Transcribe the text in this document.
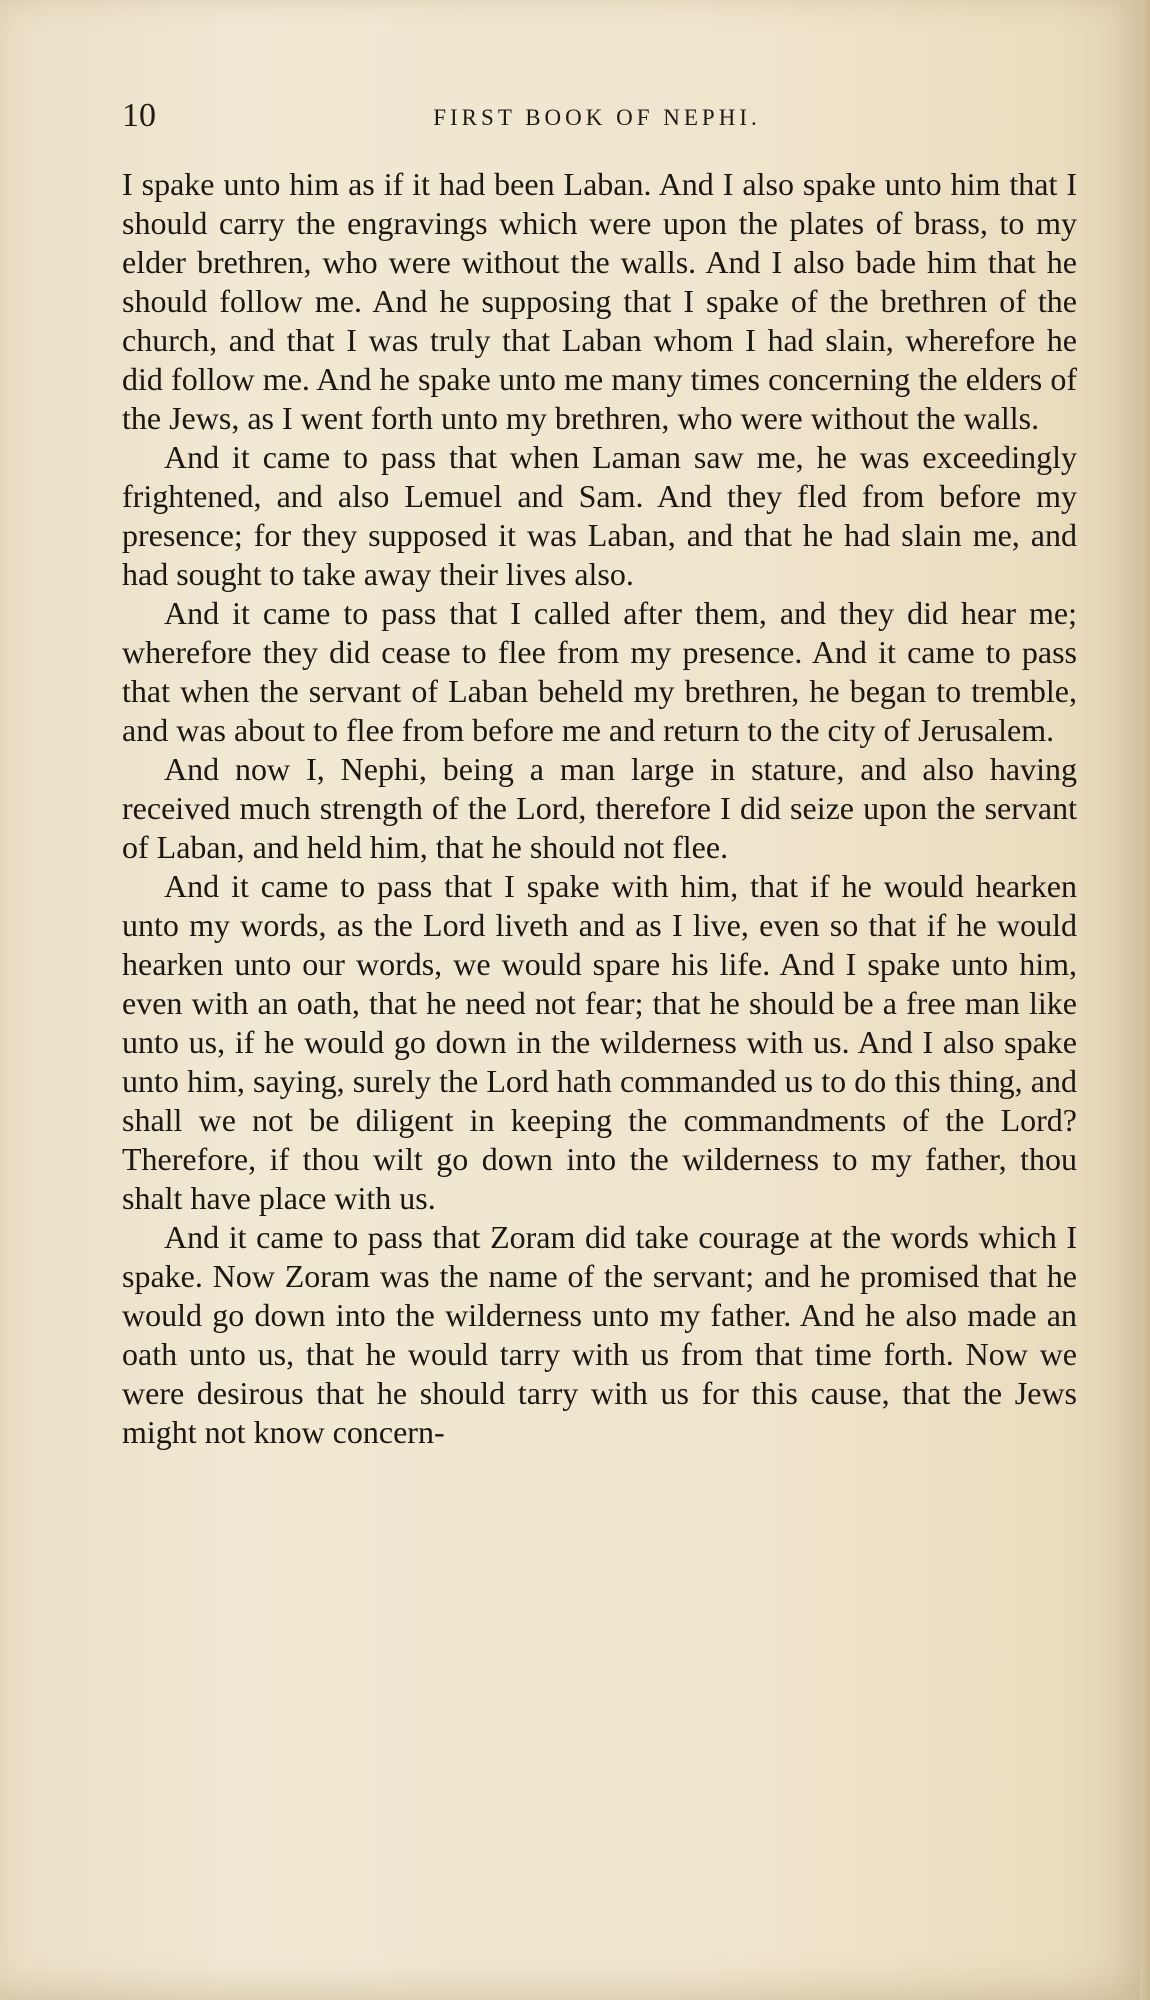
10	FIRST BOOK OF NEPHI.

I spake unto him as if it had been Laban. And I also spake unto him that I should carry the engravings which were upon the plates of brass, to my elder brethren, who were without the walls. And I also bade him that he should follow me. And he supposing that I spake of the brethren of the church, and that I was truly that Laban whom I had slain, wherefore he did follow me. And he spake unto me many times concerning the elders of the Jews, as I went forth unto my brethren, who were without the walls.

And it came to pass that when Laman saw me, he was exceedingly frightened, and also Lemuel and Sam. And they fled from before my presence; for they supposed it was Laban, and that he had slain me, and had sought to take away their lives also.

And it came to pass that I called after them, and they did hear me; wherefore they did cease to flee from my presence. And it came to pass that when the servant of Laban beheld my brethren, he began to tremble, and was about to flee from before me and return to the city of Jerusalem.

And now I, Nephi, being a man large in stature, and also having received much strength of the Lord, therefore I did seize upon the servant of Laban, and held him, that he should not flee.

And it came to pass that I spake with him, that if he would hearken unto my words, as the Lord liveth and as I live, even so that if he would hearken unto our words, we would spare his life. And I spake unto him, even with an oath, that he need not fear; that he should be a free man like unto us, if he would go down in the wilderness with us. And I also spake unto him, saying, surely the Lord hath commanded us to do this thing, and shall we not be diligent in keeping the commandments of the Lord? Therefore, if thou wilt go down into the wilderness to my father, thou shalt have place with us.

And it came to pass that Zoram did take courage at the words which I spake. Now Zoram was the name of the servant; and he promised that he would go down into the wilderness unto my father. And he also made an oath unto us, that he would tarry with us from that time forth. Now we were desirous that he should tarry with us for this cause, that the Jews might not know concern-
